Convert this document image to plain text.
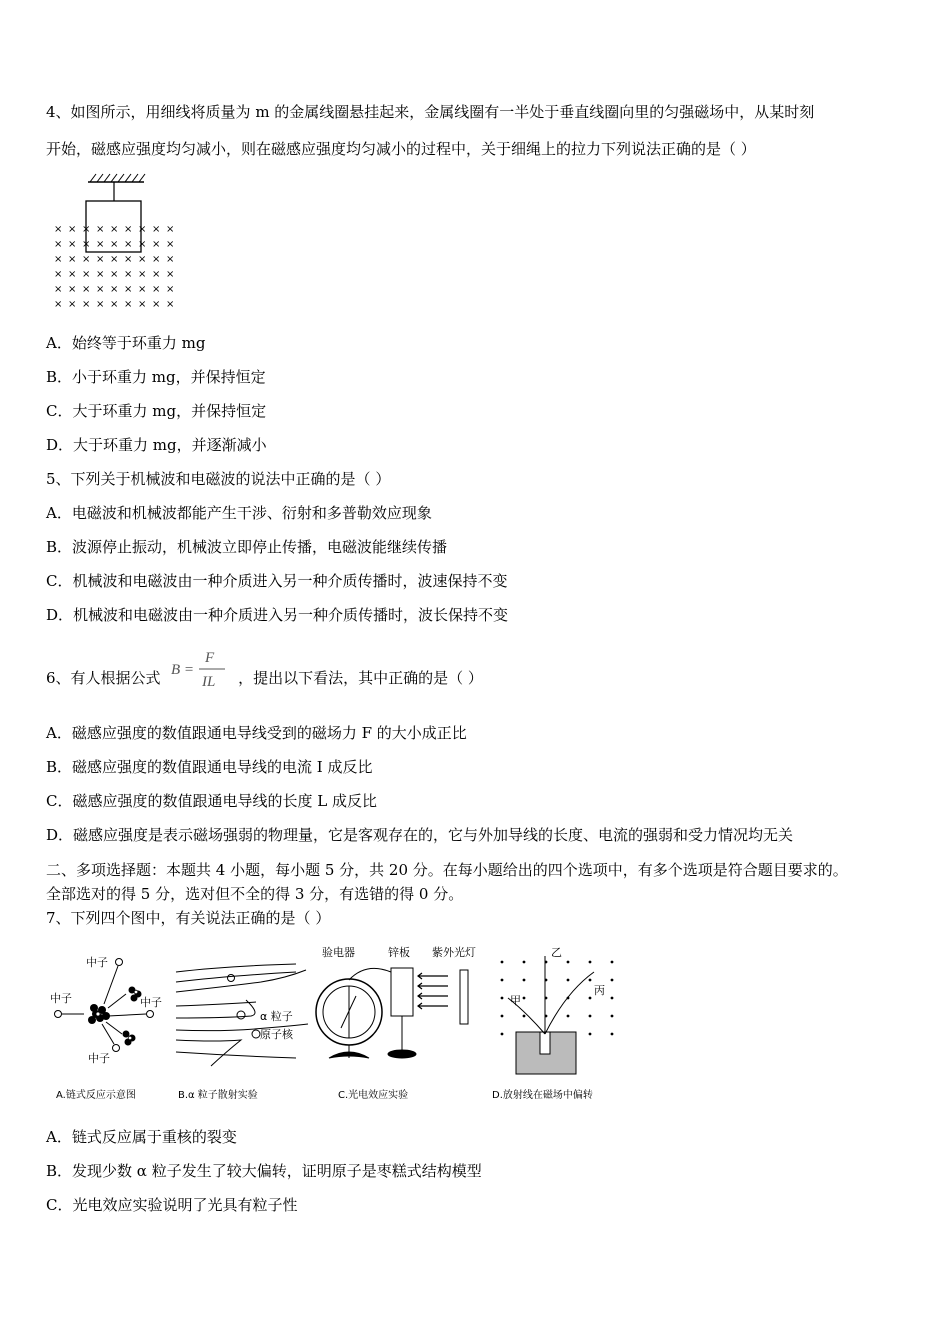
4、如图所示，用细线将质量为 m 的金属线圈悬挂起来，金属线圈有一半处于垂直线圈向里的匀强磁场中，从某时刻
开始，磁感应强度均匀减小，则在磁感应强度均匀减小的过程中，关于细绳上的拉力下列说法正确的是（ ）
× × × × × × × × ×
× × × × × × × × ×
× × × × × × × × ×
× × × × × × × × ×
× × × × × × × × ×
× × × × × × × × ×
A．始终等于环重力 mg
B．小于环重力 mg，并保持恒定
C．大于环重力 mg，并保持恒定
D．大于环重力 mg，并逐渐减小
5、下列关于机械波和电磁波的说法中正确的是（ ）
A．电磁波和机械波都能产生干涉、衍射和多普勒效应现象
B．波源停止振动，机械波立即停止传播，电磁波能继续传播
C．机械波和电磁波由一种介质进入另一种介质传播时，波速保持不变
D．机械波和电磁波由一种介质进入另一种介质传播时，波长保持不变
6、有人根据公式 B =
F
IL ，提出以下看法，其中正确的是（ ）
A．磁感应强度的数值跟通电导线受到的磁场力 F 的大小成正比
B．磁感应强度的数值跟通电导线的电流 I 成反比
C．磁感应强度的数值跟通电导线的长度 L 成反比
D．磁感应强度是表示磁场强弱的物理量，它是客观存在的，它与外加导线的长度、电流的强弱和受力情况均无关
二、多项选择题：本题共 4 小题，每小题 5 分，共 20 分。在每小题给出的四个选项中，有多个选项是符合题目要求的。
全部选对的得 5 分，选对但不全的得 3 分，有选错的得 0 分。
7、下列四个图中，有关说法正确的是（ ）
中子
中子	中子
中子
A.链式反应示意图
α 粒子
原子核
B.α 粒子散射实验
验电器	锌板 紫外光灯
C.光电效应实验
甲
乙
丙
D.放射线在磁场中偏转
A．链式反应属于重核的裂变
B．发现少数 α 粒子发生了较大偏转，证明原子是枣糕式结构模型
C．光电效应实验说明了光具有粒子性
